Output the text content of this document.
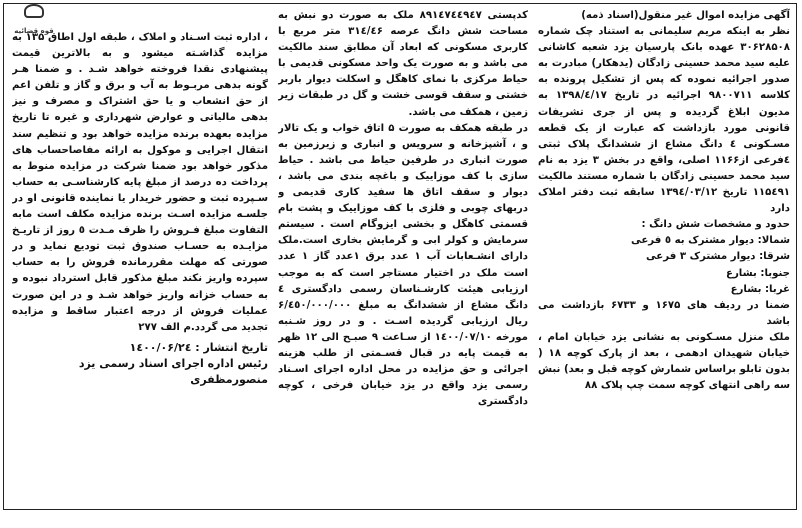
قوه قضائیه

آگهی مزایده اموال غیر منقول(اسناد ذمه)

نظر به اینکه مریم سلیمانی به استناد چک شماره ۳۰۶۲۸۵۰۸ عهده بانک پارسیان یزد شعبه کاشانی علیه سید محمد حسینی زادگان (یدهکار) مبادرت به صدور اجرائیه نموده که پس از تشکیل پرونده به کلاسه ۹۸۰۰۷۱۱ اجرائیه در تاریخ ۱۳۹۸/٤/۱۷ به مدیون ابلاغ گردیده و پس از جری تشریفات قانونی مورد بازداشت که عبارت از یک قطعه مسـکونی ٤ دانگ مشاع از ششدانگ پلاک ثبتی ٤فرعی از۱۱۶۶ اصلی، واقع در بخش ۳ یزد به نام سید محمد حسینی زادگان با شماره مستند مالکیت ۱۱۵٤۹۱ تاریخ ۱۳۹٤/۰۳/۱۲ سابقه ثبت دفتر املاک دارد

حدود و مشخصات شش دانگ :

شمالا: دیوار مشترک به ٥ فرعی

شرقا: دیوار مشترک ۳ فرعی

جنوبا: بشارع

غربا: بشارع

ضمنا در ردیف های ۱۶۷۵ و ۶۷۳۳ بازداشت می باشد

ملک منزل مسـکونی به نشانی یزد خیابان امام ، خیابان شهیدان ادهمی ، بعد از پارک کوچه ۱۸ ( بدون تابلو براساس شمارش کوچه قبل و بعد) نبش سه راهی انتهای کوچه سمت چپ پلاک ۸۸

کدپستی ۸۹۱٤۷٤٤٩٤۷ ملک به صورت دو نبش به مساحت شش دانگ عرصه ۳۱٤/٤۶ متر مربع با کاربری مسکونی که ابعاد آن مطابق سند مالکیت می باشد و به صورت یک واحد مسکونی قدیمی با حیاط مرکزی با نمای کاهگل و اسکلت دیوار باربر خشتی و سقف قوسی خشت و گل در طبقات زیر زمین ، همکف می باشد.

در طبقه همکف به صورت ۵ اتاق خواب و یک تالار و ، آشپزخانه و سرویس و انباری و زیرزمین به صورت انباری در طرفین حیاط می باشد . حیاط سازی با کف موزاییک و باغچه بندی می باشد ، دیوار و سقف اتاق ها سفید کاری قدیمی و دربهای چوبی و فلزی با کف موزاییک و پشت بام قسمتی کاهگل و بخشی ایزوگام است . سیستم سرمایش و کولر ابی و گرمایش بخاری است.ملک دارای انشـعابات آب ۱ عدد برق ۱عدد گاز ۱ عدد است ملک در اختیار مستاجر است که به موجب ارزیابی هیئت کارشـناسان رسمی دادگستری ٤ دانگ مشاع از ششدانگ به مبلغ ۶/٤٥۰/۰۰۰/۰۰۰ ریال ارزیابی گردیده اسـت . و در روز شـنبه مورخه ۱٤۰۰/۰۷/۱۰ از سـاعت ۹ صبـح الی ۱۲ ظهر به قیمت پایه در قبال قسـمتی از طلب هزینه اجرائی و حق مزایده در محل اداره اجرای اسـناد رسمی یزد واقع در یزد خیابان فرخی ، کوچه دادگستری

، اداره ثبت اسـناد و املاک ، طبقه اول اطاق ۱۳۵ به مزایده گذاشـته میشود و به بالاترین قیمت پیشنهادی نقدا فروخته خواهد شـد . و ضمنا هـر گونه بدهی مربـوط به آب و برق و گاز و تلفن اعم از حق انشعاب و یا حق اشتراک و مصرف و نیز بدهی مالیاتی و عوارض شهرداری و غیره تا تاریخ مزایده بعهده برنده مزایده خواهد بود و تنظیم سند انتقال اجرایی و موکول به ارائه مفاصاحساب های مذکور خواهد بود ضمنا شرکت در مزایده منوط به پرداخت ده درصد از مبلغ پایه کارشناسـی به حساب سـپرده ثبت و حضور خریدار یا نماینده قانونی او در جلسـه مزایده اسـت برنده مزایده مکلف است مابه التفاوت مبلغ فـروش را ظرف مـدت ٥ روز از تاریـخ مزایـده به حسـاب صندوق ثبت تودیع نماید و در صورتی که مهلت مقررمانده فروش را به حساب سپرده واریز نکند مبلغ مذکور قابل استرداد نبوده و به حساب خزانه واریز خواهد شـد و در این صورت عملیات فروش از درجه اعتبار ساقط و مزایده تجدید می گردد.م الف ۲۷۷

تاریخ انتشار : ۱٤۰۰/۰۶/۲٤

رئیس اداره اجرای اسناد رسمی یزد

منصورمظفری
